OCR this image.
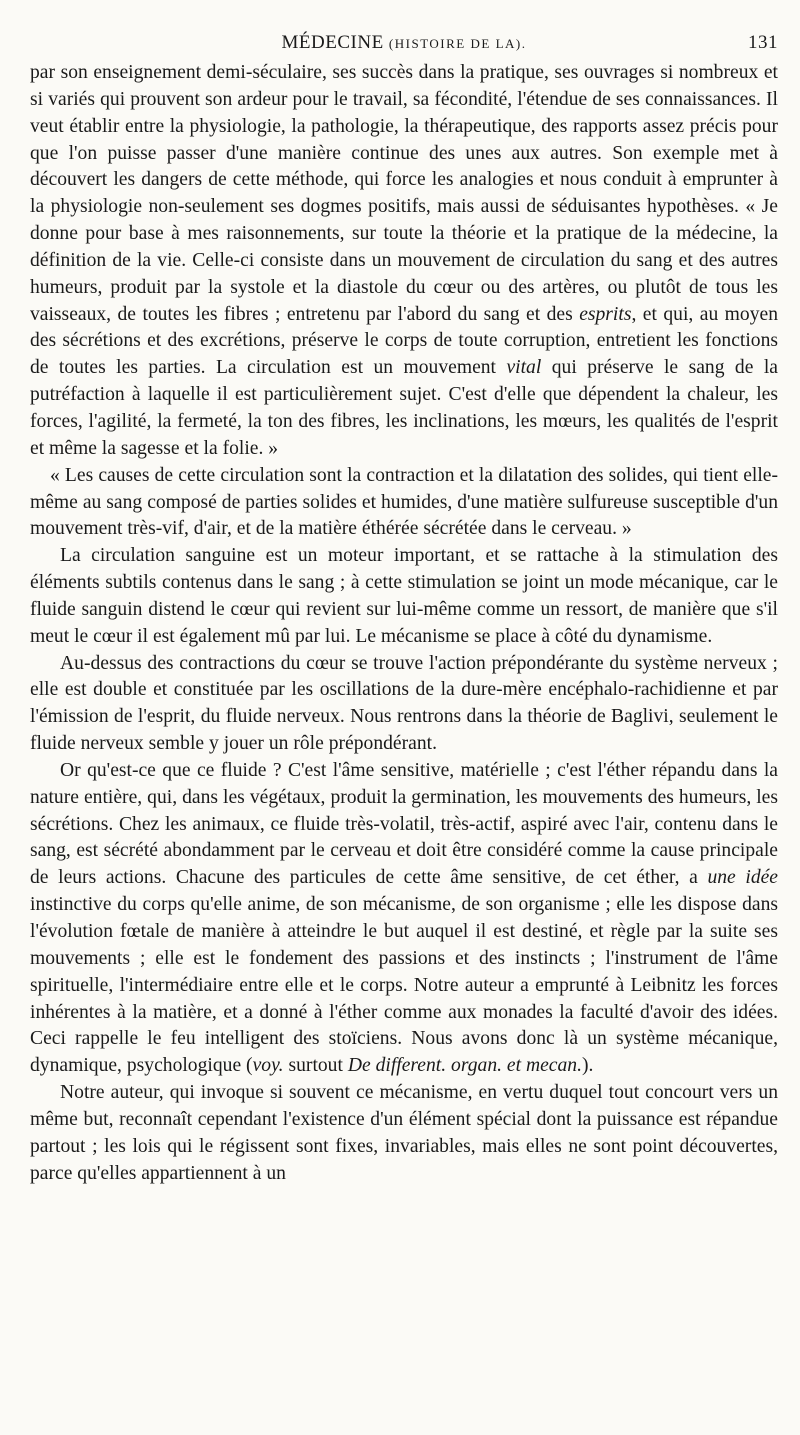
MÉDECINE (HISTOIRE DE LA).	131

par son enseignement demi-séculaire, ses succès dans la pratique, ses ouvrages si nombreux et si variés qui prouvent son ardeur pour le travail, sa fécondité, l'étendue de ses connaissances. Il veut établir entre la physiologie, la pathologie, la thérapeutique, des rapports assez précis pour que l'on puisse passer d'une manière continue des unes aux autres. Son exemple met à découvert les dangers de cette méthode, qui force les analogies et nous conduit à emprunter à la physiologie non-seulement ses dogmes positifs, mais aussi de séduisantes hypothèses. « Je donne pour base à mes raisonnements, sur toute la théorie et la pratique de la médecine, la définition de la vie. Celle-ci consiste dans un mouvement de circulation du sang et des autres humeurs, produit par la systole et la diastole du cœur ou des artères, ou plutôt de tous les vaisseaux, de toutes les fibres ; entretenu par l'abord du sang et des esprits, et qui, au moyen des sécrétions et des excrétions, préserve le corps de toute corruption, entretient les fonctions de toutes les parties. La circulation est un mouvement vital qui préserve le sang de la putréfaction à laquelle il est particulièrement sujet. C'est d'elle que dépendent la chaleur, les forces, l'agilité, la fermeté, la ton des fibres, les inclinations, les mœurs, les qualités de l'esprit et même la sagesse et la folie. »

« Les causes de cette circulation sont la contraction et la dilatation des solides, qui tient elle-même au sang composé de parties solides et humides, d'une matière sulfureuse susceptible d'un mouvement très-vif, d'air, et de la matière éthérée sécrétée dans le cerveau. »

La circulation sanguine est un moteur important, et se rattache à la stimulation des éléments subtils contenus dans le sang ; à cette stimulation se joint un mode mécanique, car le fluide sanguin distend le cœur qui revient sur lui-même comme un ressort, de manière que s'il meut le cœur il est également mû par lui. Le mécanisme se place à côté du dynamisme.

Au-dessus des contractions du cœur se trouve l'action prépondérante du système nerveux ; elle est double et constituée par les oscillations de la dure-mère encéphalo-rachidienne et par l'émission de l'esprit, du fluide nerveux. Nous rentrons dans la théorie de Baglivi, seulement le fluide nerveux semble y jouer un rôle prépondérant.

Or qu'est-ce que ce fluide ? C'est l'âme sensitive, matérielle ; c'est l'éther répandu dans la nature entière, qui, dans les végétaux, produit la germination, les mouvements des humeurs, les sécrétions. Chez les animaux, ce fluide très-volatil, très-actif, aspiré avec l'air, contenu dans le sang, est sécrété abondamment par le cerveau et doit être considéré comme la cause principale de leurs actions. Chacune des particules de cette âme sensitive, de cet éther, a une idée instinctive du corps qu'elle anime, de son mécanisme, de son organisme ; elle les dispose dans l'évolution fœtale de manière à atteindre le but auquel il est destiné, et règle par la suite ses mouvements ; elle est le fondement des passions et des instincts ; l'instrument de l'âme spirituelle, l'intermédiaire entre elle et le corps. Notre auteur a emprunté à Leibnitz les forces inhérentes à la matière, et a donné à l'éther comme aux monades la faculté d'avoir des idées. Ceci rappelle le feu intelligent des stoïciens. Nous avons donc là un système mécanique, dynamique, psychologique (voy. surtout De different. organ. et mecan.).

Notre auteur, qui invoque si souvent ce mécanisme, en vertu duquel tout concourt vers un même but, reconnaît cependant l'existence d'un élément spécial dont la puissance est répandue partout ; les lois qui le régissent sont fixes, invariables, mais elles ne sont point découvertes, parce qu'elles appartiennent à un
